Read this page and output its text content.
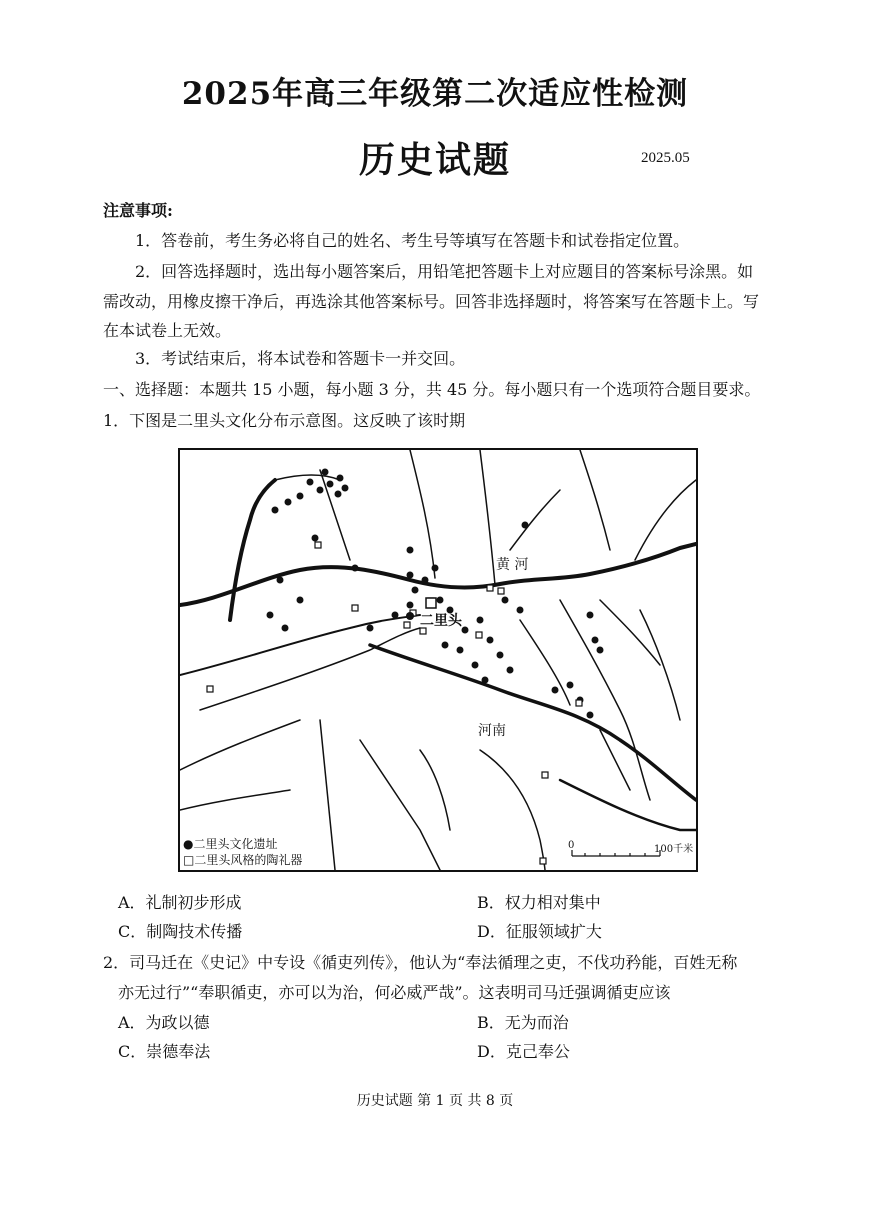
2025年高三年级第二次适应性检测
历史试题	2025.05
注意事项:
1．答卷前，考生务必将自己的姓名、考生号等填写在答题卡和试卷指定位置。
2．回答选择题时，选出每小题答案后，用铅笔把答题卡上对应题目的答案标号涂黑。如
需改动，用橡皮擦干净后，再选涂其他答案标号。回答非选择题时，将答案写在答题卡上。写
在本试卷上无效。
3．考试结束后，将本试卷和答题卡一并交回。
一、选择题：本题共 15 小题，每小题 3 分，共 45 分。每小题只有一个选项符合题目要求。
1．下图是二里头文化分布示意图。这反映了该时期
黄 河
二里头
河南
0	100千米
●二里头文化遗址
□二里头风格的陶礼器
A．礼制初步形成	B．权力相对集中
C．制陶技术传播	D．征服领域扩大
2．司马迁在《史记》中专设《循吏列传》，他认为“奉法循理之吏，不伐功矜能，百姓无称
亦无过行”“奉职循吏，亦可以为治，何必威严哉”。这表明司马迁强调循吏应该
A．为政以德	B．无为而治
C．崇德奉法	D．克己奉公
历史试题 第 1 页 共 8 页
